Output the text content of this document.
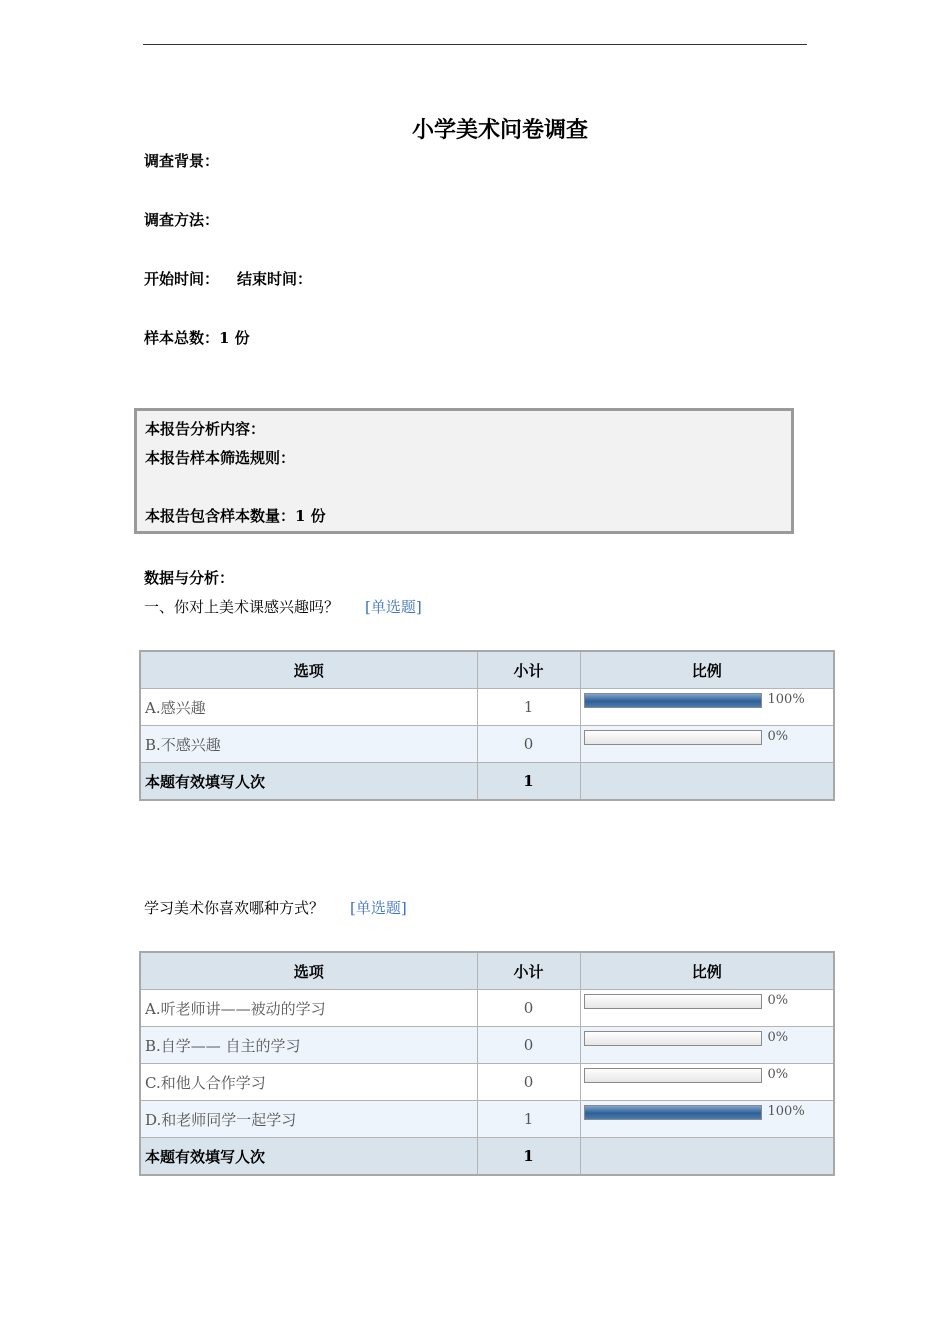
小学美术问卷调查
调查背景：
调查方法：
开始时间： 结束时间：
样本总数：1 份
本报告分析内容：
本报告样本筛选规则：
本报告包含样本数量：1 份
数据与分析：
一、你对上美术课感兴趣吗？ [单选题]
选项	小计	比例
A.感兴趣	1	100%

B.不感兴趣	0	0%

本题有效填写人次	1	
学习美术你喜欢哪种方式？ [单选题]
选项	小计	比例
A.听老师讲——被动的学习	0	0%

B.自学—— 自主的学习	0	0%

C.和他人合作学习	0	0%

D.和老师同学一起学习	1	100%

本题有效填写人次	1	
